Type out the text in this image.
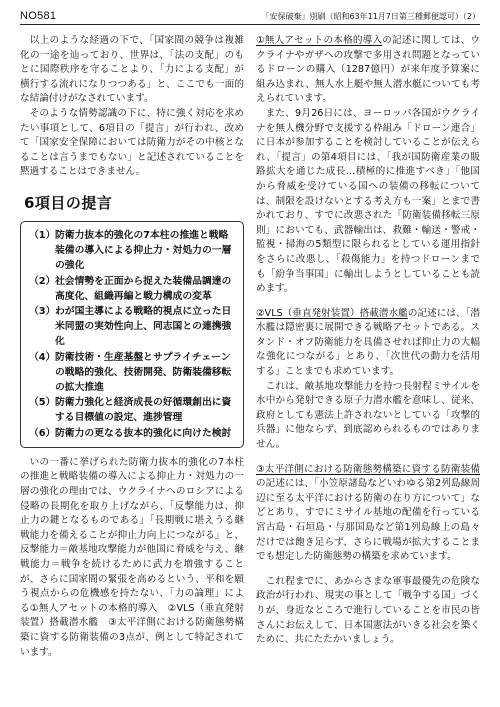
NO581	「安保破棄」別刷（昭和63年11月7日第三種郵便認可）（2）

以上のような経過の下で、「国家間の競争は複雑化の一途を辿っており、世界は、「法の支配」のもとに国際秩序を守ることより、「力による支配」が横行する流れになりつつある」と、ここでも一面的な結論付けがなされています。

そのような情勢認識の下に、特に強く対応を求めたい事項として、6項目の「提言」が行われ、改めて「国家安全保障においては防衛力がその中核となることは言うまでもない」と記述されていることを黙過することはできません。

6項目の提言
（1） 防衛力抜本的強化の7本柱の推進と戦略装備の導入による抑止力・対処力の一層の強化
（2） 社会情勢を正面から捉えた装備品調達の高度化、組織再編と戦力構成の変革
（3） わが国主導による戦略的視点に立った日米同盟の実効性向上、同志国との連携強化
（4） 防衛技術・生産基盤とサプライチェーンの戦略的強化、技術開発、防衛装備移転の拡大推進
（5） 防衛力強化と経済成長の好循環創出に資する目標値の設定、進捗管理
（6） 防衛力の更なる抜本的強化に向けた検討

いの一番に挙げられた防衛力抜本的強化の7本柱の推進と戦略装備の導入による抑止力・対処力の一層の強化の理由では、ウクライナへのロシアによる侵略の長期化を取り上げながら、「反撃能力は、抑止力の鍵となるものである」「長期戦に堪えうる継戦能力を備えることが抑止力向上につながる」と、反撃能力＝敵基地攻撃能力が他国に脅威を与え、継戦能力＝戦争を続けるために武力を増強することが、さらに国家間の緊張を高めるという、平和を願う視点からの危機感を持たない、「力の論理」による①無人アセットの本格的導入　②VLS（垂直発射装置）搭載潜水艦　③太平洋側における防衛態勢構築に資する防衛装備の3点が、例として特記されています。

①無人アセットの本格的導入の記述に関しては、ウクライナやガザへの攻撃で多用され問題となっているドローンの購入（1287億円）が来年度予算案に組み込まれ、無人水上艇や無人潜水艇についても考えられています。

また、9月26日には、ヨーロッパ各国がウクライナを無人機分野で支援する枠組み「ドローン連合」に日本が参加することを検討していることが伝えられ、「提言」の第4項目には、「我が国防衛産業の販路拡大を通じた成長…積極的に推進すべき」「他国から脅威を受けている国への装備の移転については、制限を設けないとする考え方も一案」とまで書かれており、すでに改悪された「防衛装備移転三原則」においても、武器輸出は、救難・輸送・警戒・監視・掃海の5類型に限られるとしている運用指針をさらに改悪し、「殺傷能力」を持つドローンまでも「紛争当事国」に輸出しようとしていることも読めます。

②VLS（垂直発射装置）搭載潜水艦の記述には、「潜水艦は隠密裏に展開できる戦略アセットである。スタンド・オフ防衛能力を具備させれば抑止力の大幅な強化につながる」とあり、「次世代の動力を活用する」ことまでも求めています。

これは、敵基地攻撃能力を持つ長射程ミサイルを水中から発射できる原子力潜水艦を意味し、従来、政府としても憲法上許されないとしている「攻撃的兵器」に他ならず、到底認められるものではありません。

③太平洋側における防衛態勢構築に資する防衛装備の記述には、「小笠原諸島などいわゆる第2列島線周辺に至る太平洋における防衛の在り方について」などとあり、すでにミサイル基地の配備を行っている宮古島・石垣島・与那国島など第1列島線上の島々だけでは飽き足らず、さらに戦場が拡大することまでも想定した防衛態勢の構築を求めています。

これ程までに、あからさまな軍事最優先の危険な政治が行われ、現実の事として「戦争する国」づくりが、身近なところで進行していることを市民の皆さんにお伝えして、日本国憲法がいきる社会を築くために、共にたたかいましょう。
